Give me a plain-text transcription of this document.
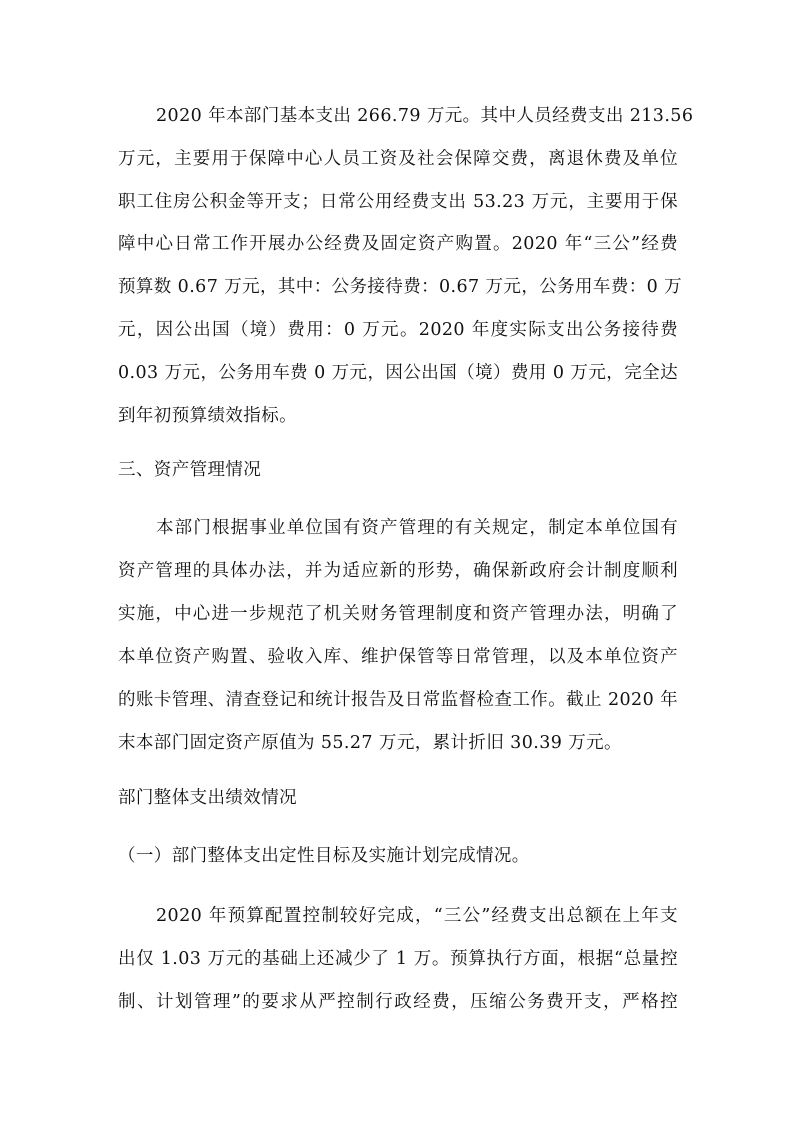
2020 年本部门基本支出 266.79 万元。其中人员经费支出 213.56
万元，主要用于保障中心人员工资及社会保障交费，离退休费及单位
职工住房公积金等开支；日常公用经费支出 53.23 万元，主要用于保
障中心日常工作开展办公经费及固定资产购置。2020 年“三公”经费
预算数 0.67 万元，其中：公务接待费：0.67 万元，公务用车费：0 万
元，因公出国（境）费用：0 万元。2020 年度实际支出公务接待费
0.03 万元，公务用车费 0 万元，因公出国（境）费用 0 万元，完全达
到年初预算绩效指标。
三、资产管理情况
本部门根据事业单位国有资产管理的有关规定，制定本单位国有
资产管理的具体办法，并为适应新的形势，确保新政府会计制度顺利
实施，中心进一步规范了机关财务管理制度和资产管理办法，明确了
本单位资产购置、验收入库、维护保管等日常管理，以及本单位资产
的账卡管理、清查登记和统计报告及日常监督检查工作。截止 2020 年
末本部门固定资产原值为 55.27 万元，累计折旧 30.39 万元。
部门整体支出绩效情况
（一）部门整体支出定性目标及实施计划完成情况。
2020 年预算配置控制较好完成，“三公”经费支出总额在上年支
出仅 1.03 万元的基础上还减少了 1 万。预算执行方面，根据“总量控
制、计划管理”的要求从严控制行政经费，压缩公务费开支，严格控
